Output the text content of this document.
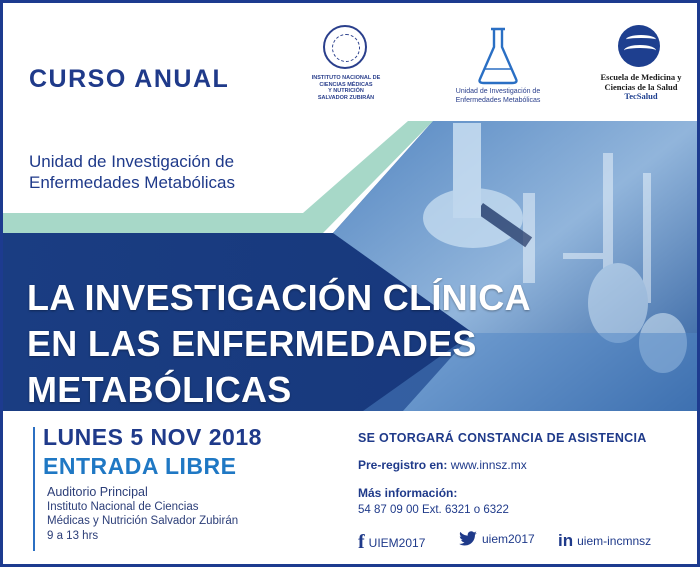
INSTITUTO NACIONAL DE
CIENCIAS MÉDICAS
Y NUTRICIÓN
SALVADOR ZUBIRÁN
Unidad de Investigación de
Enfermedades Metabólicas
Escuela de Medicina y
Ciencias de la Salud
TecSalud
CURSO ANUAL
Unidad de Investigación de
Enfermedades Metabólicas
LA INVESTIGACIÓN CLÍNICA
EN LAS ENFERMEDADES METABÓLICAS
LUNES 5 NOV 2018
ENTRADA LIBRE
Auditorio Principal
Instituto Nacional de Ciencias
Médicas y Nutrición Salvador Zubirán
9 a 13 hrs
SE OTORGARÁ CONSTANCIA DE ASISTENCIA
Pre-registro en: www.innsz.mx
Más información:
54 87 09 00 Ext. 6321 o 6322
f UIEM2017	uiem2017 in uiem-incmnsz
